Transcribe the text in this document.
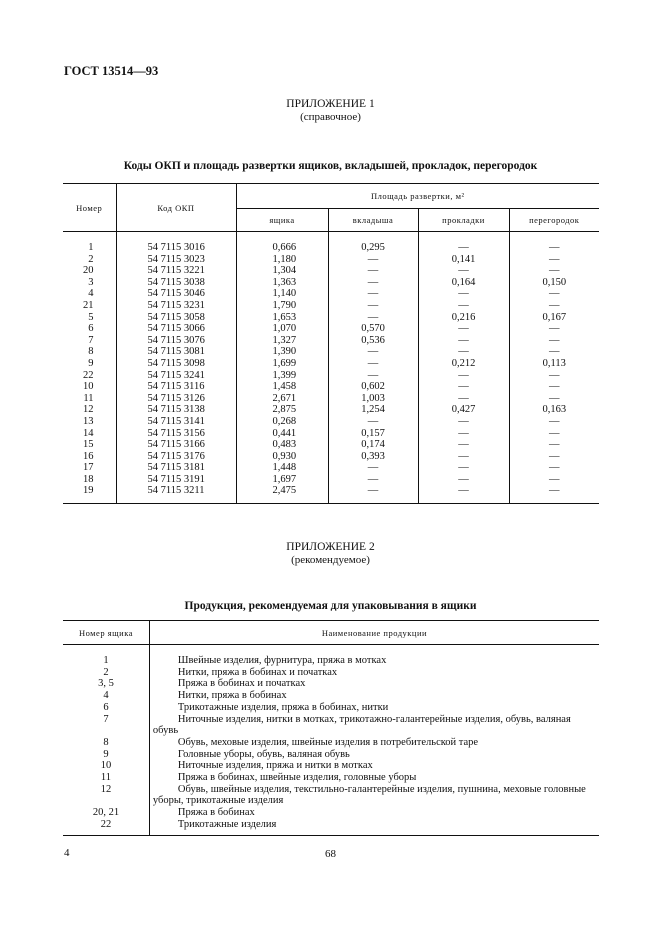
ГОСТ 13514—93
ПРИЛОЖЕНИЕ 1
(справочное)
Коды ОКП и площадь развертки ящиков, вкладышей, прокладок, перегородок
Номер	Код ОКП	Площадь развертки, м²			
		ящика	вкладыша	прокладки	перегородок
1	54 7115 3016	0,666	0,295	—	—
2	54 7115 3023	1,180	—	0,141	—
20	54 7115 3221	1,304	—	—	—
3	54 7115 3038	1,363	—	0,164	0,150
4	54 7115 3046	1,140	—	—	—
21	54 7115 3231	1,790	—	—	—
5	54 7115 3058	1,653	—	0,216	0,167
6	54 7115 3066	1,070	0,570	—	—
7	54 7115 3076	1,327	0,536	—	—
8	54 7115 3081	1,390	—	—	—
9	54 7115 3098	1,699	—	0,212	0,113
22	54 7115 3241	1,399	—	—	—
10	54 7115 3116	1,458	0,602	—	—
11	54 7115 3126	2,671	1,003	—	—
12	54 7115 3138	2,875	1,254	0,427	0,163
13	54 7115 3141	0,268	—	—	—
14	54 7115 3156	0,441	0,157	—	—
15	54 7115 3166	0,483	0,174	—	—
16	54 7115 3176	0,930	0,393	—	—
17	54 7115 3181	1,448	—	—	—
18	54 7115 3191	1,697	—	—	—
19	54 7115 3211	2,475	—	—	—
ПРИЛОЖЕНИЕ 2
(рекомендуемое)
Продукция, рекомендуемая для упаковывания в ящики
Номер ящика	Наименование продукции
1	Швейные изделия, фурнитура, пряжа в мотках

2	Нитки, пряжа в бобинах и початках

3, 5	Пряжа в бобинах и початках

4	Нитки, пряжа в бобинах

6	Трикотажные изделия, пряжа в бобинах, нитки

7	Ниточные изделия, нитки в мотках, трикотажно-галантерейные изделия, обувь, валяная обувь

8	Обувь, меховые изделия, швейные изделия в потребительской таре

9	Головные уборы, обувь, валяная обувь

10	Ниточные изделия, пряжа и нитки в мотках

11	Пряжа в бобинах, швейные изделия, головные уборы

12	Обувь, швейные изделия, текстильно-галантерейные изделия, пушнина, меховые головные уборы, трикотажные изделия

20, 21	Пряжа в бобинах

22	Трикотажные изделия
4	68
